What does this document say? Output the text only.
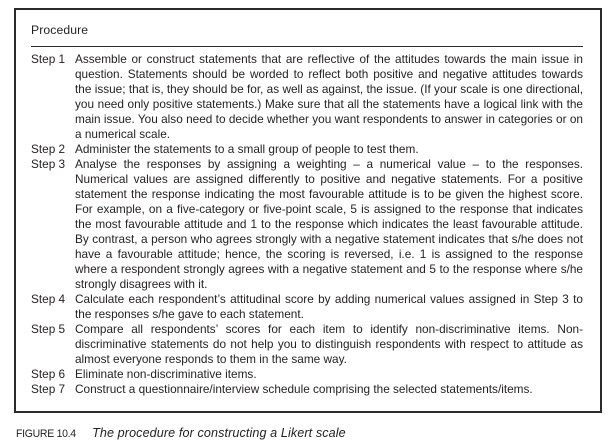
Procedure
Step 1 Assemble or construct statements that are reflective of the attitudes towards the main issue in question. Statements should be worded to reflect both positive and negative attitudes towards the issue; that is, they should be for, as well as against, the issue. (If your scale is one directional, you need only positive statements.) Make sure that all the statements have a logical link with the main issue. You also need to decide whether you want respondents to answer in categories or on a numerical scale.
Step 2 Administer the statements to a small group of people to test them.
Step 3 Analyse the responses by assigning a weighting – a numerical value – to the responses. Numerical values are assigned differently to positive and negative statements. For a positive statement the response indicating the most favourable attitude is to be given the highest score. For example, on a five-category or five-point scale, 5 is assigned to the response that indicates the most favourable attitude and 1 to the response which indicates the least favourable attitude. By contrast, a person who agrees strongly with a negative statement indicates that s/he does not have a favourable attitude; hence, the scoring is reversed, i.e. 1 is assigned to the response where a respondent strongly agrees with a negative statement and 5 to the response where s/he strongly disagrees with it.
Step 4 Calculate each respondent’s attitudinal score by adding numerical values assigned in Step 3 to the responses s/he gave to each statement.
Step 5 Compare all respondents’ scores for each item to identify non-discriminative items. Non-discriminative statements do not help you to distinguish respondents with respect to attitude as almost everyone responds to them in the same way.
Step 6 Eliminate non-discriminative items.
Step 7 Construct a questionnaire/interview schedule comprising the selected statements/items.
FIGURE 10.4 The procedure for constructing a Likert scale
